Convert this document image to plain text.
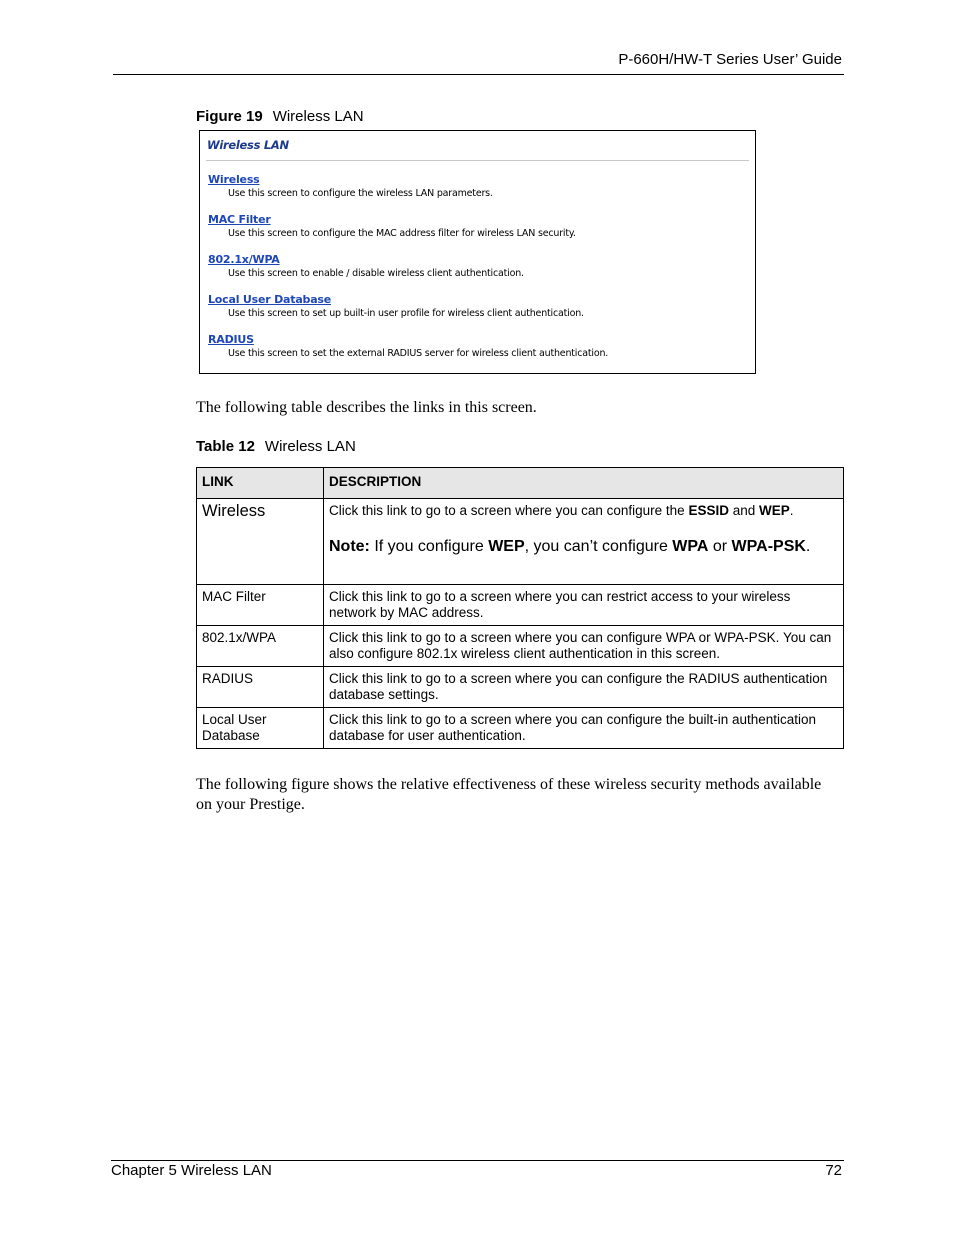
P-660H/HW-T Series User’ Guide
Figure 19 Wireless LAN
Wireless LAN
Wireless
Use this screen to configure the wireless LAN parameters.
MAC Filter
Use this screen to configure the MAC address filter for wireless LAN security.
802.1x/WPA
Use this screen to enable / disable wireless client authentication.
Local User Database
Use this screen to set up built-in user profile for wireless client authentication.
RADIUS
Use this screen to set the external RADIUS server for wireless client authentication.
The following table describes the links in this screen.
Table 12 Wireless LAN
LINK	DESCRIPTION
Wireless	Click this link to go to a screen where you can configure the ESSID and WEP.

Note: If you configure WEP, you can’t configure WPA or WPA-PSK.

MAC Filter	Click this link to go to a screen where you can restrict access to your wireless network by MAC address.
802.1x/WPA	Click this link to go to a screen where you can configure WPA or WPA-PSK. You can also configure 802.1x wireless client authentication in this screen.
RADIUS	Click this link to go to a screen where you can configure the RADIUS authentication database settings.
Local User Database	Click this link to go to a screen where you can configure the built-in authentication database for user authentication.
The following figure shows the relative effectiveness of these wireless security methods available on your Prestige.
Chapter 5 Wireless LAN	72
